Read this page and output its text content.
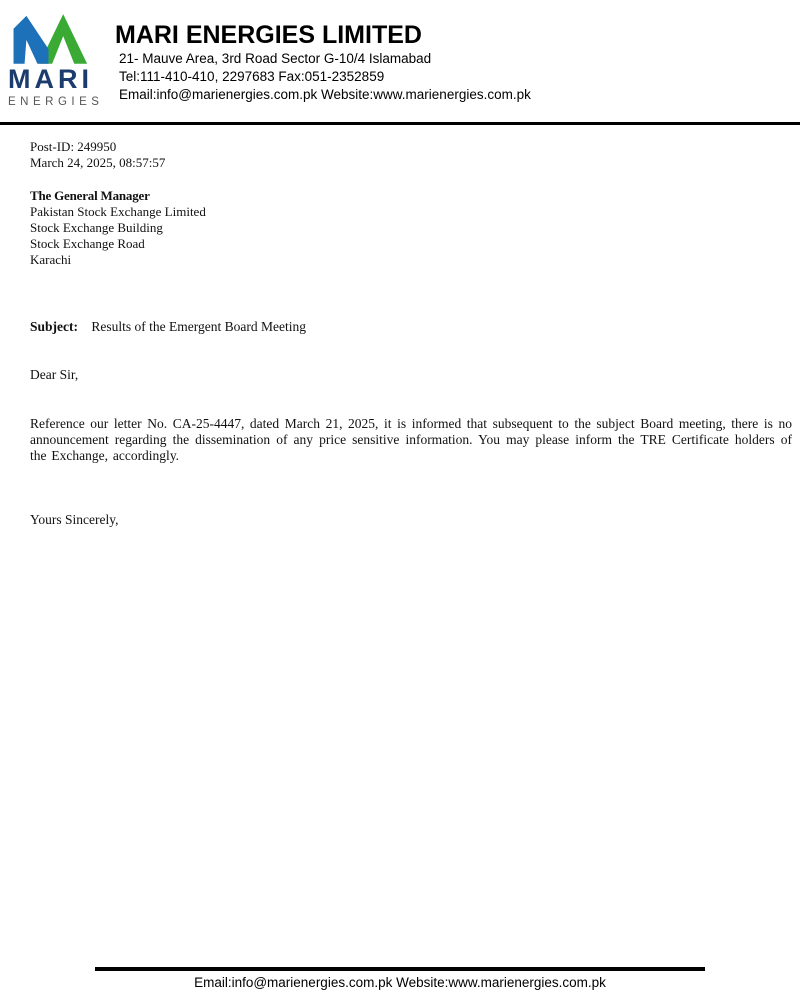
MARI
ENERGIES
MARI ENERGIES LIMITED
21- Mauve Area, 3rd Road Sector G-10/4 Islamabad
Tel:111-410-410, 2297683 Fax:051-2352859
Email:info@marienergies.com.pk Website:www.marienergies.com.pk
Post-ID: 249950
March 24, 2025, 08:57:57
The General Manager
Pakistan Stock Exchange Limited
Stock Exchange Building
Stock Exchange Road
Karachi
Subject: Results of the Emergent Board Meeting
Dear Sir,
Reference our letter No. CA-25-4447, dated March 21, 2025, it is informed that subsequent to the subject Board meeting, there is no announcement regarding the dissemination of any price sensitive information. You may please inform the TRE Certificate holders of the Exchange, accordingly.
Yours Sincerely,
Email:info@marienergies.com.pk Website:www.marienergies.com.pk
